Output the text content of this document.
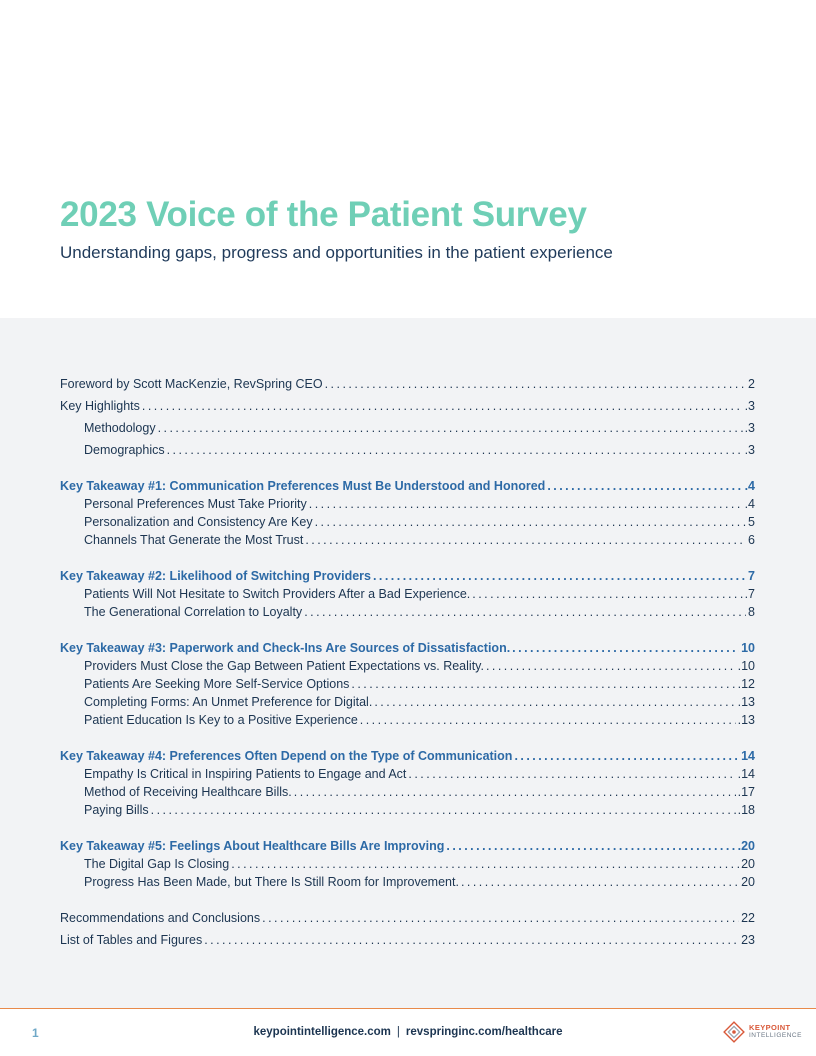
2023 Voice of the Patient Survey

Understanding gaps, progress and opportunities in the patient experience

Foreword by Scott MacKenzie, RevSpring CEO . . .	2
Key Highlights . . .	.3
Methodology . . .	.3
Demographics . . .	.3
Key Takeaway #1: Communication Preferences Must Be Understood and Honored . . .	.4
Personal Preferences Must Take Priority . . .	.4
Personalization and Consistency Are Key . . .	5
Channels That Generate the Most Trust . . .	6
Key Takeaway #2: Likelihood of Switching Providers . . .	7
Patients Will Not Hesitate to Switch Providers After a Bad Experience. . . .	.7
The Generational Correlation to Loyalty . . .	8
Key Takeaway #3: Paperwork and Check-Ins Are Sources of Dissatisfaction. . . .	10
Providers Must Close the Gap Between Patient Expectations vs. Reality. . . .	.10
Patients Are Seeking More Self-Service Options . . .	.12
Completing Forms: An Unmet Preference for Digital. . . .	.13
Patient Education Is Key to a Positive Experience . . .	.13
Key Takeaway #4: Preferences Often Depend on the Type of Communication . . .	14
Empathy Is Critical in Inspiring Patients to Engage and Act . . .	.14
Method of Receiving Healthcare Bills. . . .	.17
Paying Bills . . .	.18
Key Takeaway #5: Feelings About Healthcare Bills Are Improving . . .	.20
The Digital Gap Is Closing . . .	20
Progress Has Been Made, but There Is Still Room for Improvement. . . .	20
Recommendations and Conclusions . . .	22
List of Tables and Figures . . .	23
1	keypointintelligence.com | revspringinc.com/healthcare	KEYPOINT
INTELLIGENCE
